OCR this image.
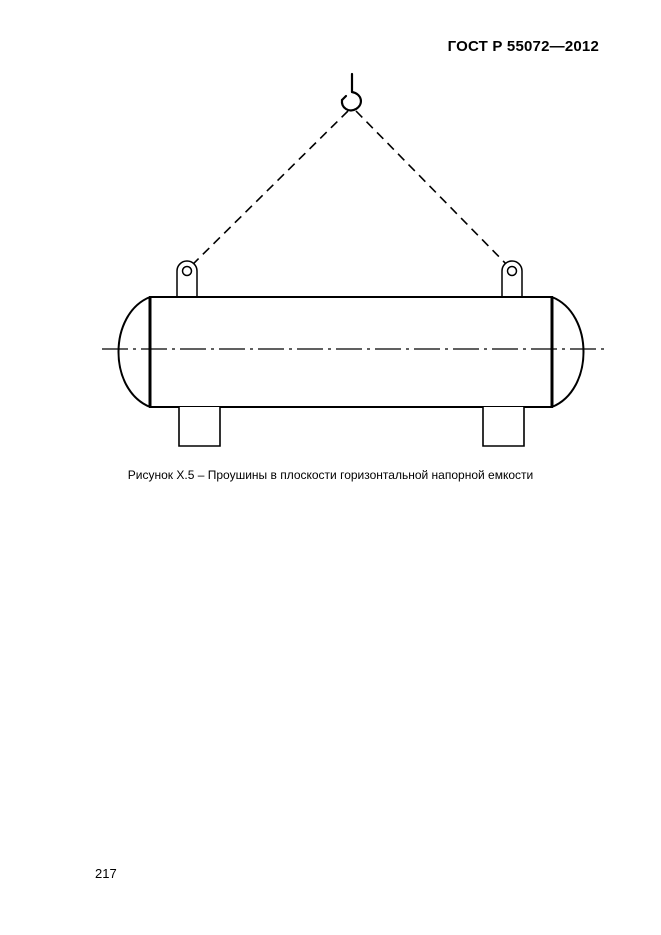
ГОСТ Р 55072—2012
Рисунок Х.5 – Проушины в плоскости горизонтальной напорной емкости
217
